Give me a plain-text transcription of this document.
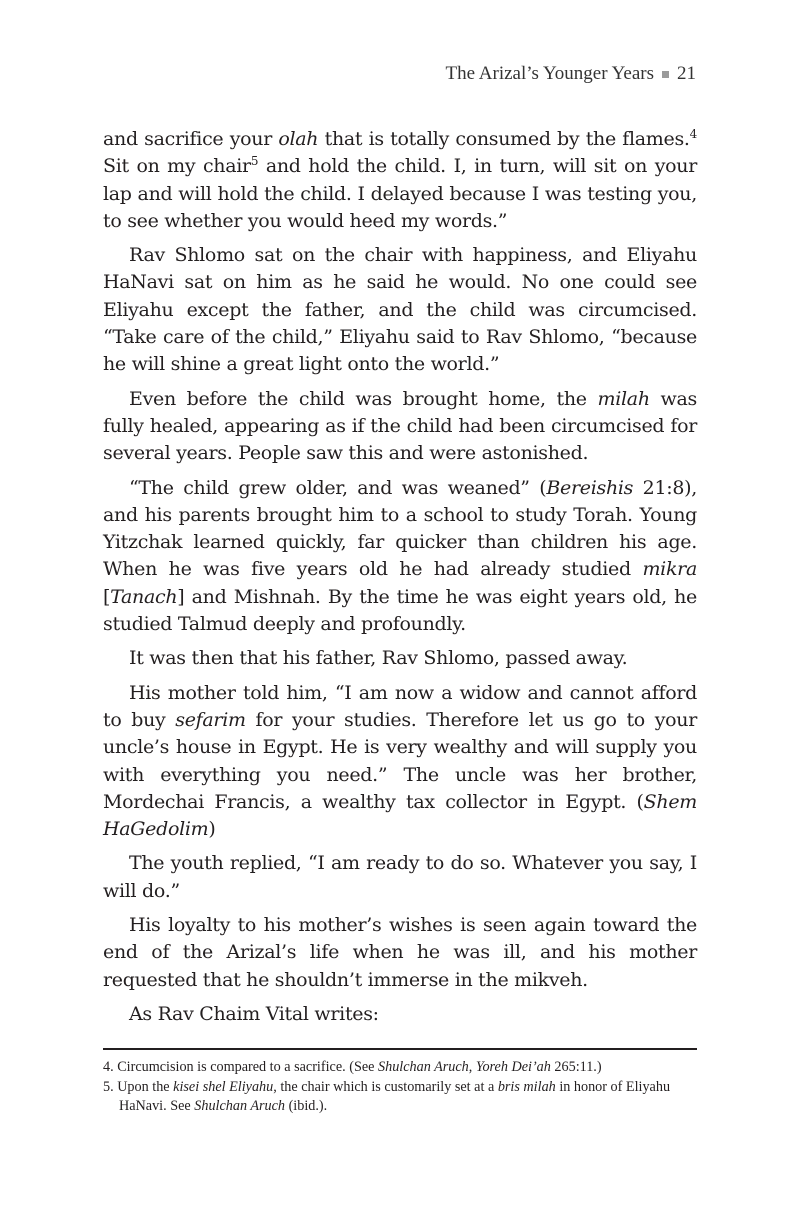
The Arizal’s Younger Years 21

and sacrifice your olah that is totally consumed by the flames.$^4$ Sit on my chair$^5$ and hold the child. I, in turn, will sit on your lap and will hold the child. I delayed because I was testing you, to see whether you would heed my words.”

Rav Shlomo sat on the chair with happiness, and Eliyahu HaNavi sat on him as he said he would. No one could see Eliyahu except the father, and the child was circumcised. “Take care of the child,” Eliyahu said to Rav Shlomo, “because he will shine a great light onto the world.”

Even before the child was brought home, the milah was fully healed, appearing as if the child had been circumcised for several years. People saw this and were astonished.

“The child grew older, and was weaned” (Bereishis 21:8), and his parents brought him to a school to study Torah. Young Yitzchak learned quickly, far quicker than children his age. When he was five years old he had already studied mikra [Tanach] and Mishnah. By the time he was eight years old, he studied Talmud deeply and profoundly.

It was then that his father, Rav Shlomo, passed away.

His mother told him, “I am now a widow and cannot afford to buy sefarim for your studies. Therefore let us go to your uncle’s house in Egypt. He is very wealthy and will supply you with everything you need.” The uncle was her brother, Mordechai Francis, a wealthy tax collector in Egypt. (Shem HaGedolim)

The youth replied, “I am ready to do so. Whatever you say, I will do.”

His loyalty to his mother’s wishes is seen again toward the end of the Arizal’s life when he was ill, and his mother requested that he shouldn’t immerse in the mikveh.

As Rav Chaim Vital writes:

4. Circumcision is compared to a sacrifice. (See Shulchan Aruch, Yoreh Dei’ah 265:11.)

5. Upon the kisei shel Eliyahu, the chair which is customarily set at a bris milah in honor of Eliyahu HaNavi. See Shulchan Aruch (ibid.).
